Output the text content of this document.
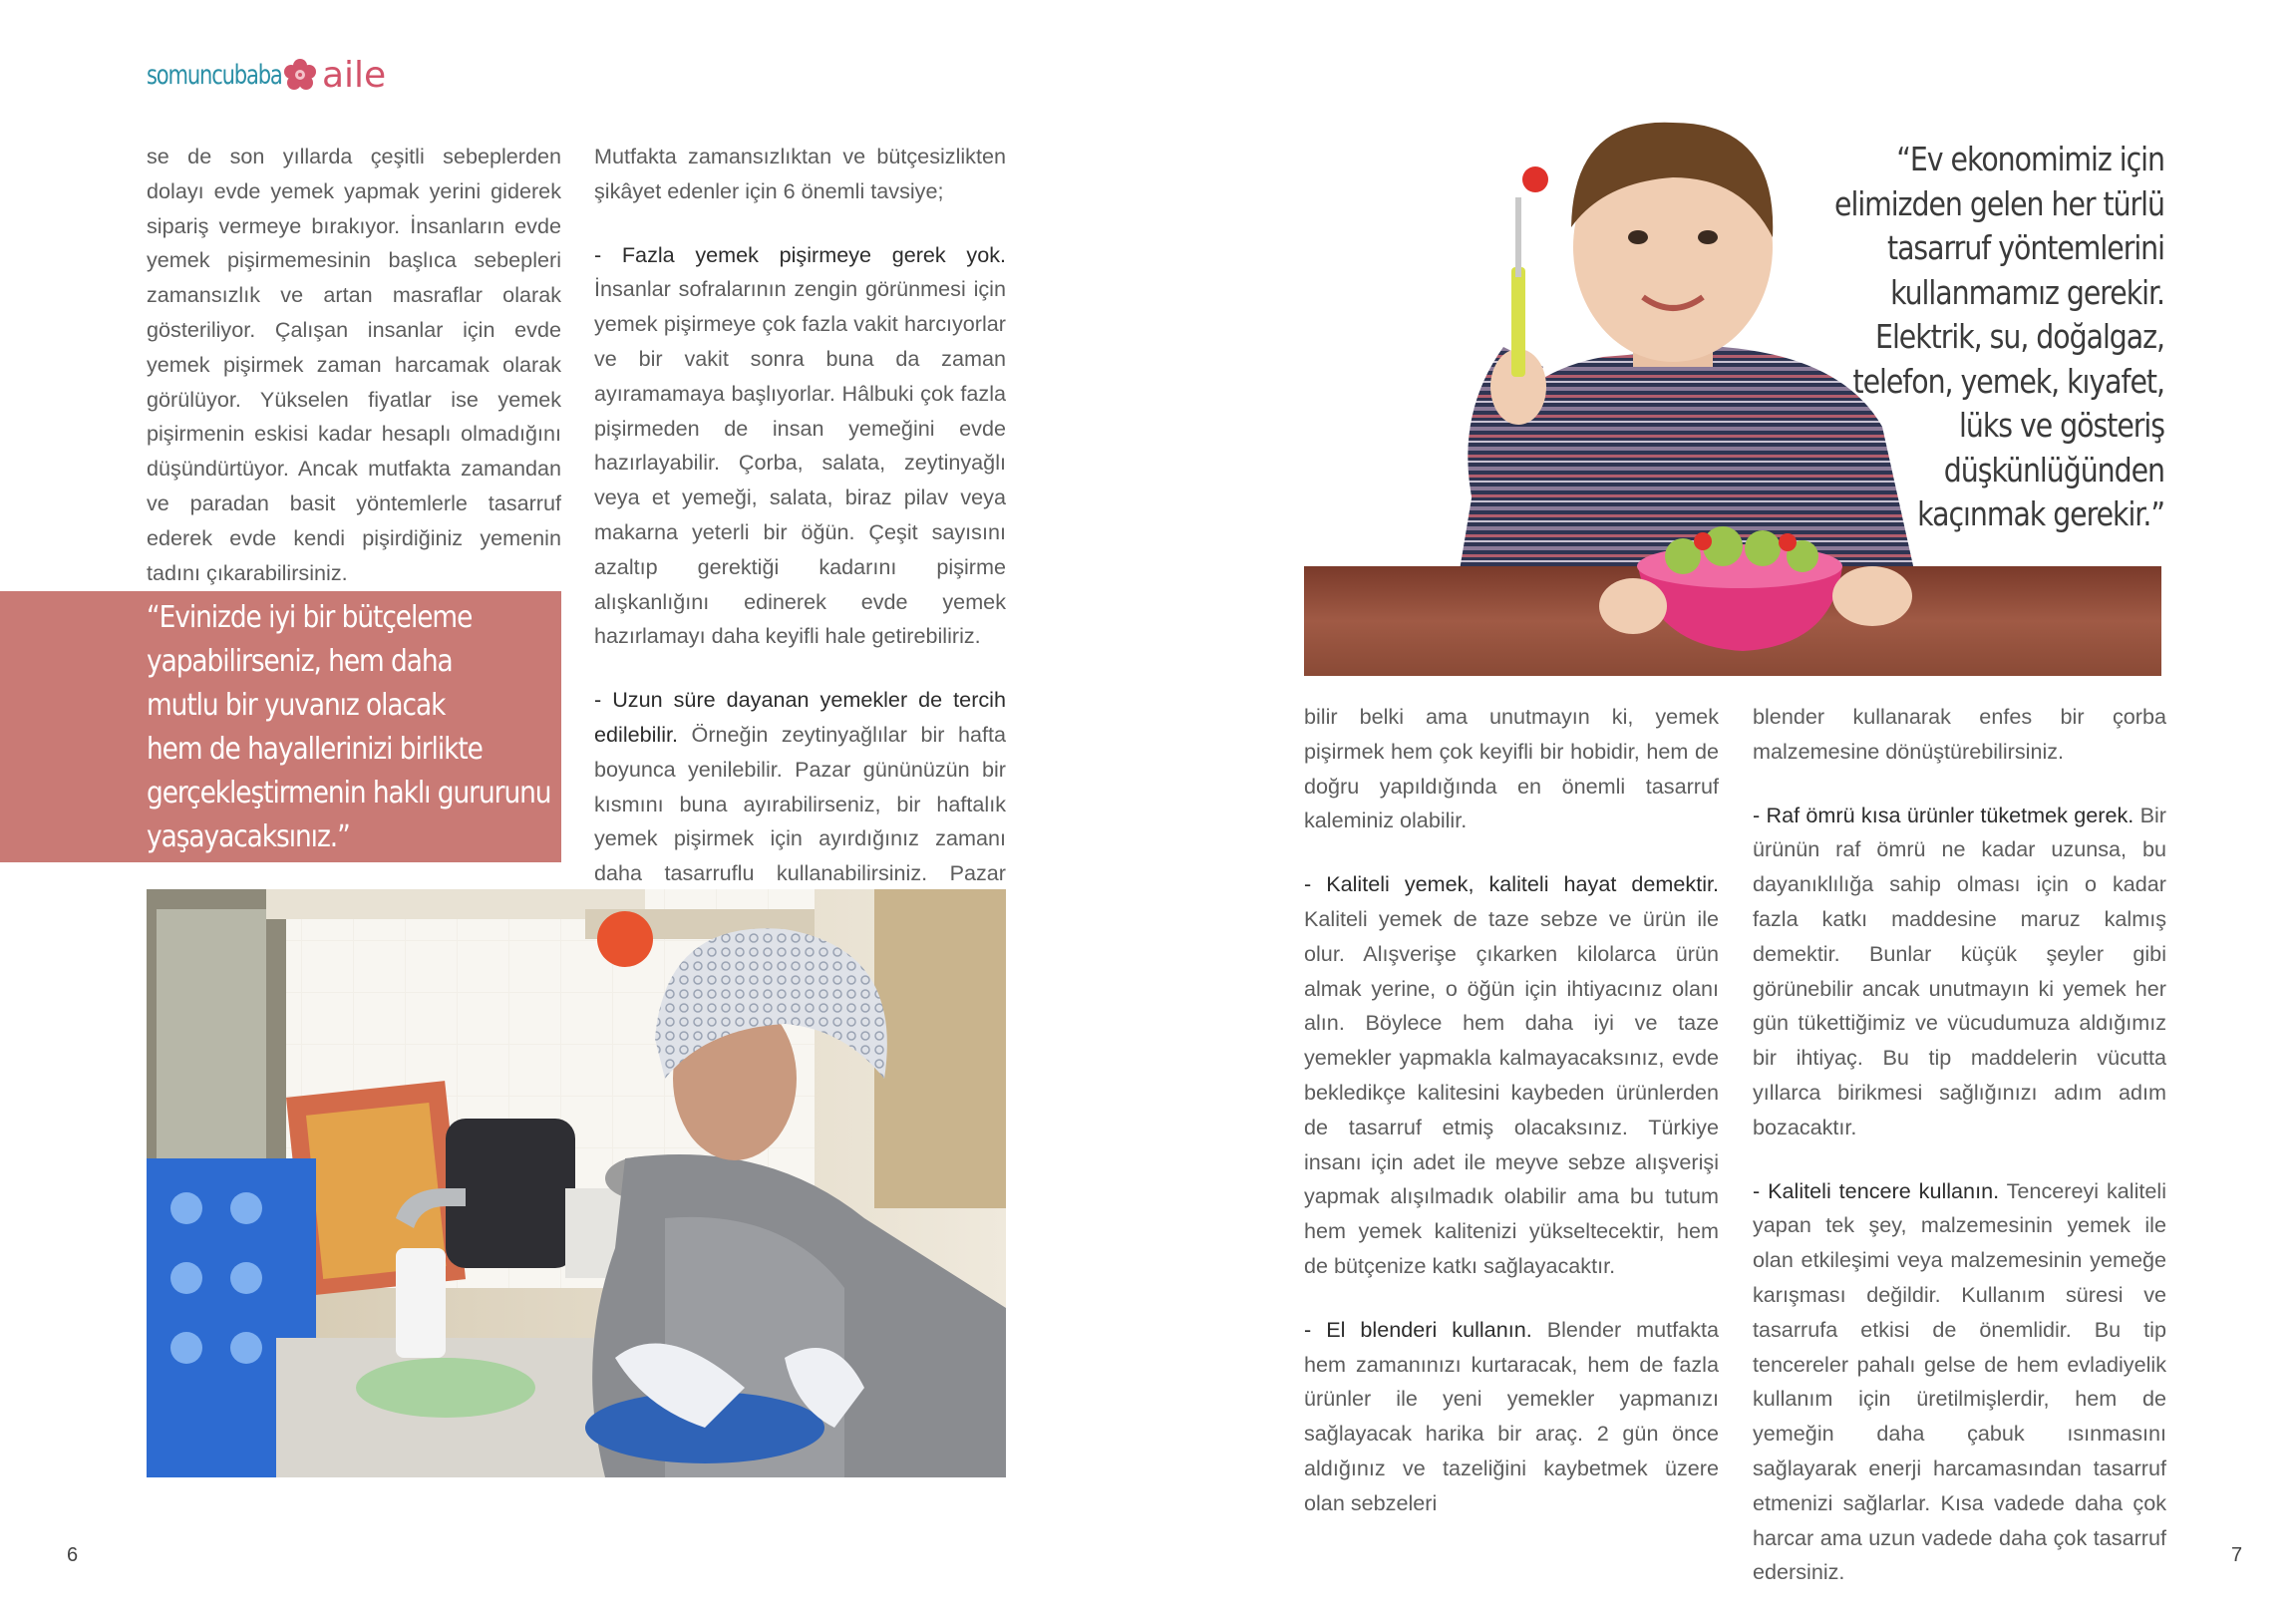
somuncubaba aile

se de son yıllarda çeşitli sebeplerden dolayı evde yemek yapmak yerini giderek sipariş vermeye bırakıyor. İnsanların evde yemek pişirmemesinin başlıca sebepleri zamansızlık ve artan masraflar olarak gösteriliyor. Çalışan insanlar için evde yemek pişirmek zaman harcamak olarak görülüyor. Yükselen fiyatlar ise yemek pişirmenin eskisi kadar hesaplı olmadığını düşündürtüyor. Ancak mutfakta zamandan ve paradan basit yöntemlerle tasarruf ederek evde kendi pişirdiğiniz yemenin tadını çıkarabilirsiniz.

“Evinizde iyi bir bütçeleme
yapabilirseniz, hem daha
mutlu bir yuvanız olacak
hem de hayallerinizi birlikte
gerçekleştirmenin haklı gururunu
yaşayacaksınız.”

Mutfakta zamansızlıktan ve bütçesizlikten şikâyet edenler için 6 önemli tavsiye;

- Fazla yemek pişirmeye gerek yok. İnsanlar sofralarının zengin görünmesi için yemek pişirmeye çok fazla vakit harcıyorlar ve bir vakit sonra buna da zaman ayıramamaya başlıyorlar. Hâlbuki çok fazla pişirmeden de insan yemeğini evde hazırlayabilir. Çorba, salata, zeytinyağlı veya et yemeği, salata, biraz pilav veya makarna yeterli bir öğün. Çeşit sayısını azaltıp gerektiği kadarını pişirme alışkanlığını edinerek evde yemek hazırlamayı daha keyifli hale getirebiliriz.

- Uzun süre dayanan yemekler de tercih edilebilir. Örneğin zeytinyağlılar bir hafta boyunca yenilebilir. Pazar gününüzün bir kısmını buna ayırabilirseniz, bir haftalık yemek pişirmek için ayırdığınız zamanı daha tasarruflu kullanabilirsiniz. Pazar

6
“Ev ekonomimiz için
elimizden gelen her türlü
tasarruf yöntemlerini
kullanmamız gerekir.
Elektrik, su, doğalgaz,
telefon, yemek, kıyafet,
lüks ve gösteriş
düşkünlüğünden
kaçınmak gerekir.”

bilir belki ama unutmayın ki, yemek pişirmek hem çok keyifli bir hobidir, hem de doğru yapıldığında en önemli tasarruf kaleminiz olabilir.

- Kaliteli yemek, kaliteli hayat demektir. Kaliteli yemek de taze sebze ve ürün ile olur. Alışverişe çıkarken kilolarca ürün almak yerine, o öğün için ihtiyacınız olanı alın. Böylece hem daha iyi ve taze yemekler yapmakla kalmayacaksınız, evde bekledikçe kalitesini kaybeden ürünlerden de tasarruf etmiş olacaksınız. Türkiye insanı için adet ile meyve sebze alışverişi yapmak alışılmadık olabilir ama bu tutum hem yemek kalitenizi yükseltecektir, hem de bütçenize katkı sağlayacaktır.

- El blenderi kullanın. Blender mutfakta hem zamanınızı kurtaracak, hem de fazla ürünler ile yeni yemekler yapmanızı sağlayacak harika bir araç. 2 gün önce aldığınız ve tazeliğini kaybetmek üzere olan sebzeleri

blender kullanarak enfes bir çorba malzemesine dönüştürebilirsiniz.

- Raf ömrü kısa ürünler tüketmek gerek. Bir ürünün raf ömrü ne kadar uzunsa, bu dayanıklılığa sahip olması için o kadar fazla katkı maddesine maruz kalmış demektir. Bunlar küçük şeyler gibi görünebilir ancak unutmayın ki yemek her gün tükettiğimiz ve vücudumuza aldığımız bir ihtiyaç. Bu tip maddelerin vücutta yıllarca birikmesi sağlığınızı adım adım bozacaktır.

- Kaliteli tencere kullanın. Tencereyi kaliteli yapan tek şey, malzemesinin yemek ile olan etkileşimi veya malzemesinin yemeğe karışması değildir. Kullanım süresi ve tasarrufa etkisi de önemlidir. Bu tip tencereler pahalı gelse de hem evladiyelik kullanım için üretilmişlerdir, hem de yemeğin daha çabuk ısınmasını sağlayarak enerji harcamasından tasarruf etmenizi sağlarlar. Kısa vadede daha çok harcar ama uzun vadede daha çok tasarruf edersiniz.

7
